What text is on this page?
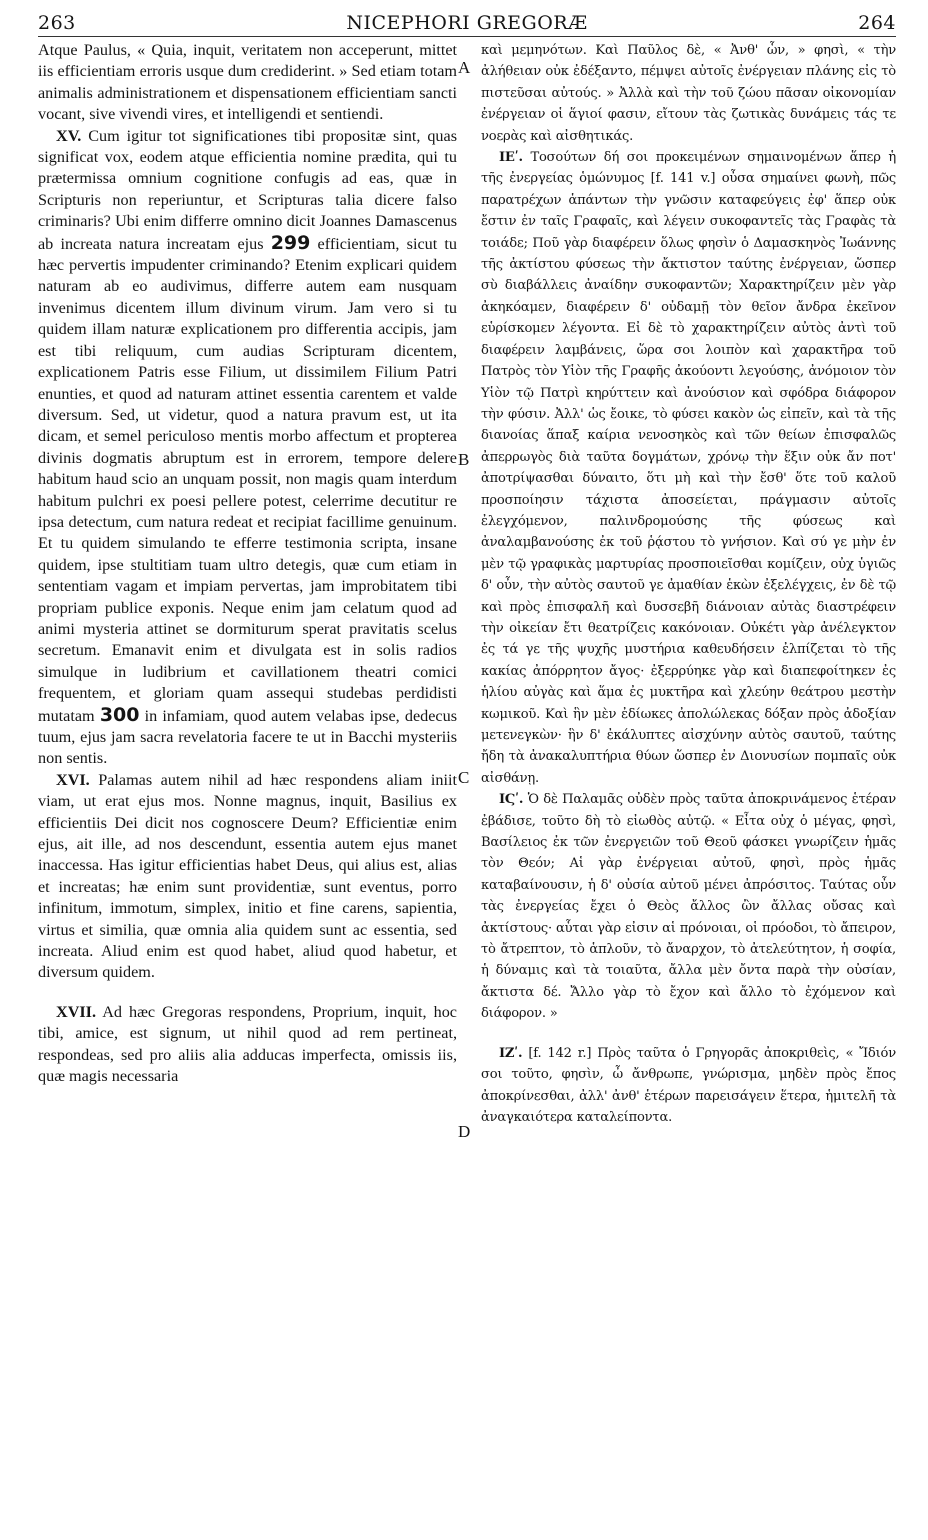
263	NICEPHORI GREGORÆ	264

Atque Paulus, « Quia, inquit, veritatem non acceperunt, mittet iis efficientiam erroris usque dum crediderint. » Sed etiam totam animalis administrationem et dispensationem efficientiam sancti vocant, sive vivendi vires, et intelligendi et sentiendi.

XV. Cum igitur tot significationes tibi propositæ sint, quas significat vox, eodem atque efficientia nomine prædita, qui tu prætermissa omnium cognitione confugis ad eas, quæ in Scripturis non reperiuntur, et Scripturas talia dicere falso criminaris? Ubi enim differre omnino dicit Joannes Damascenus ab increata natura increatam ejus 299 efficientiam, sicut tu hæc pervertis impudenter criminando? Etenim explicari quidem naturam ab eo audivimus, differre autem eam nusquam invenimus dicentem illum divinum virum. Jam vero si tu quidem illam naturæ explicationem pro differentia accipis, jam est tibi reliquum, cum audias Scripturam dicentem, explicationem Patris esse Filium, ut dissimilem Filium Patri enunties, et quod ad naturam attinet essentia carentem et valde diversum. Sed, ut videtur, quod a natura pravum est, ut ita dicam, et semel periculoso mentis morbo affectum et propterea divinis dogmatis abruptum est in errorem, tempore delere habitum haud scio an unquam possit, non magis quam interdum habitum pulchri ex poesi pellere potest, celerrime decutitur re ipsa detectum, cum natura redeat et recipiat facillime genuinum. Et tu quidem simulando te efferre testimonia scripta, insane quidem, ipse stultitiam tuam ultro detegis, quæ cum etiam in sententiam vagam et impiam pervertas, jam improbitatem tibi propriam publice exponis. Neque enim jam celatum quod ad animi mysteria attinet se dormiturum sperat pravitatis scelus secretum. Emanavit enim et divulgata est in solis radios simulque in ludibrium et cavillationem theatri comici frequentem, et gloriam quam assequi studebas perdidisti mutatam 300 in infamiam, quod autem velabas ipse, dedecus tuum, ejus jam sacra revelatoria facere te ut in Bacchi mysteriis non sentis.

XVI. Palamas autem nihil ad hæc respondens aliam iniit viam, ut erat ejus mos. Nonne magnus, inquit, Basilius ex efficientiis Dei dicit nos cognoscere Deum? Efficientiæ enim ejus, ait ille, ad nos descendunt, essentia autem ejus manet inaccessa. Has igitur efficientias habet Deus, qui alius est, alias et increatas; hæ enim sunt providentiæ, sunt eventus, porro infinitum, immotum, simplex, initio et fine carens, sapientia, virtus et similia, quæ omnia alia quidem sunt ac essentia, sed increata. Aliud enim est quod habet, aliud quod habetur, et diversum quidem.

XVII. Ad hæc Gregoras respondens, Proprium, inquit, hoc tibi, amice, est signum, ut nihil quod ad rem pertineat, respondeas, sed pro aliis alia adducas imperfecta, omissis iis, quæ magis necessaria

A
B
C
D

καὶ μεμηνότων. Καὶ Παῦλος δὲ, « Ἀνθ' ὧν, » φησὶ, « τὴν ἀλήθειαν οὐκ ἐδέξαντο, πέμψει αὐτοῖς ἐνέργειαν πλάνης εἰς τὸ πιστεῦσαι αὐτούς. » Ἀλλὰ καὶ τὴν τοῦ ζώου πᾶσαν οἰκονομίαν ἐνέργειαν οἱ ἅγιοί φασιν, εἴτουν τὰς ζωτικὰς δυνάμεις τάς τε νοερὰς καὶ αἰσθητικάς.

ΙΕʹ. Τοσούτων δή σοι προκειμένων σημαινομένων ἅπερ ἡ τῆς ἐνεργείας ὁμώνυμος [f. 141 v.] οὖσα σημαίνει φωνὴ, πῶς παρατρέχων ἁπάντων τὴν γνῶσιν καταφεύγεις ἐφ' ἅπερ οὐκ ἔστιν ἐν ταῖς Γραφαῖς, καὶ λέγειν συκοφαντεῖς τὰς Γραφὰς τὰ τοιάδε; Ποῦ γὰρ διαφέρειν ὅλως φησὶν ὁ Δαμασκηνὸς Ἰωάννης τῆς ἀκτίστου φύσεως τὴν ἄκτιστον ταύτης ἐνέργειαν, ὥσπερ σὺ διαβάλλεις ἀναίδην συκοφαντῶν; Χαρακτηρίζειν μὲν γὰρ ἀκηκόαμεν, διαφέρειν δ' οὐδαμῇ τὸν θεῖον ἄνδρα ἐκεῖνον εὑρίσκομεν λέγοντα. Εἰ δὲ τὸ χαρακτηρίζειν αὐτὸς ἀντὶ τοῦ διαφέρειν λαμβάνεις, ὥρα σοι λοιπὸν καὶ χαρακτῆρα τοῦ Πατρὸς τὸν Υἱὸν τῆς Γραφῆς ἀκούοντι λεγούσης, ἀνόμοιον τὸν Υἱὸν τῷ Πατρὶ κηρύττειν καὶ ἀνούσιον καὶ σφόδρα διάφορον τὴν φύσιν. Ἀλλ' ὡς ἔοικε, τὸ φύσει κακὸν ὡς εἰπεῖν, καὶ τὰ τῆς διανοίας ἅπαξ καίρια νενοσηκὸς καὶ τῶν θείων ἐπισφαλῶς ἀπερρωγὸς διὰ ταῦτα δογμάτων, χρόνῳ τὴν ἕξιν οὐκ ἄν ποτ' ἀποτρίψασθαι δύναιτο, ὅτι μὴ καὶ τὴν ἔσθ' ὅτε τοῦ καλοῦ προσποίησιν τάχιστα ἀποσείεται, πράγμασιν αὐτοῖς ἐλεγχόμενον, παλινδρομούσης τῆς φύσεως καὶ ἀναλαμβανούσης ἐκ τοῦ ῥᾴστου τὸ γνήσιον. Καὶ σύ γε μὴν ἐν μὲν τῷ γραφικὰς μαρτυρίας προσποιεῖσθαι κομίζειν, οὐχ ὑγιῶς δ' οὖν, τὴν αὐτὸς σαυτοῦ γε ἀμαθίαν ἑκὼν ἐξελέγχεις, ἐν δὲ τῷ καὶ πρὸς ἐπισφαλῆ καὶ δυσσεβῆ διάνοιαν αὐτὰς διαστρέφειν τὴν οἰκείαν ἔτι θεατρίζεις κακόνοιαν. Οὐκέτι γὰρ ἀνέλεγκτον ἐς τά γε τῆς ψυχῆς μυστήρια καθευδήσειν ἐλπίζεται τὸ τῆς κακίας ἀπόρρητον ἄγος· ἐξερρύηκε γὰρ καὶ διαπεφοίτηκεν ἐς ἡλίου αὐγὰς καὶ ἅμα ἐς μυκτῆρα καὶ χλεύην θεάτρου μεστὴν κωμικοῦ. Καὶ ἣν μὲν ἐδίωκες ἀπολώλεκας δόξαν πρὸς ἀδοξίαν μετενεγκὼν· ἣν δ' ἐκάλυπτες αἰσχύνην αὐτὸς σαυτοῦ, ταύτης ἤδη τὰ ἀνακαλυπτήρια θύων ὥσπερ ἐν Διονυσίων πομπαῖς οὐκ αἰσθάνῃ.

ΙϚʹ. Ὁ δὲ Παλαμᾶς οὐδὲν πρὸς ταῦτα ἀποκρινάμενος ἑτέραν ἐβάδισε, τοῦτο δὴ τὸ εἰωθὸς αὐτῷ. « Εἶτα οὐχ ὁ μέγας, φησὶ, Βασίλειος ἐκ τῶν ἐνεργειῶν τοῦ Θεοῦ φάσκει γνωρίζειν ἡμᾶς τὸν Θεόν; Αἱ γὰρ ἐνέργειαι αὐτοῦ, φησὶ, πρὸς ἡμᾶς καταβαίνουσιν, ἡ δ' οὐσία αὐτοῦ μένει ἀπρόσιτος. Ταύτας οὖν τὰς ἐνεργείας ἔχει ὁ Θεὸς ἄλλος ὢν ἄλλας οὔσας καὶ ἀκτίστους· αὗται γὰρ εἰσιν αἱ πρόνοιαι, οἱ πρόοδοι, τὸ ἄπειρον, τὸ ἄτρεπτον, τὸ ἁπλοῦν, τὸ ἄναρχον, τὸ ἀτελεύτητον, ἡ σοφία, ἡ δύναμις καὶ τὰ τοιαῦτα, ἄλλα μὲν ὄντα παρὰ τὴν οὐσίαν, ἄκτιστα δέ. Ἄλλο γὰρ τὸ ἔχον καὶ ἄλλο τὸ ἐχόμενον καὶ διάφορον. »

ΙΖʹ. [f. 142 r.] Πρὸς ταῦτα ὁ Γρηγορᾶς ἀποκριθεὶς, « Ἴδιόν σοι τοῦτο, φησὶν, ὦ ἄνθρωπε, γνώρισμα, μηδὲν πρὸς ἔπος ἀποκρίνεσθαι, ἀλλ' ἀνθ' ἑτέρων παρεισάγειν ἕτερα, ἡμιτελῆ τὰ ἀναγκαιότερα καταλείποντα.
